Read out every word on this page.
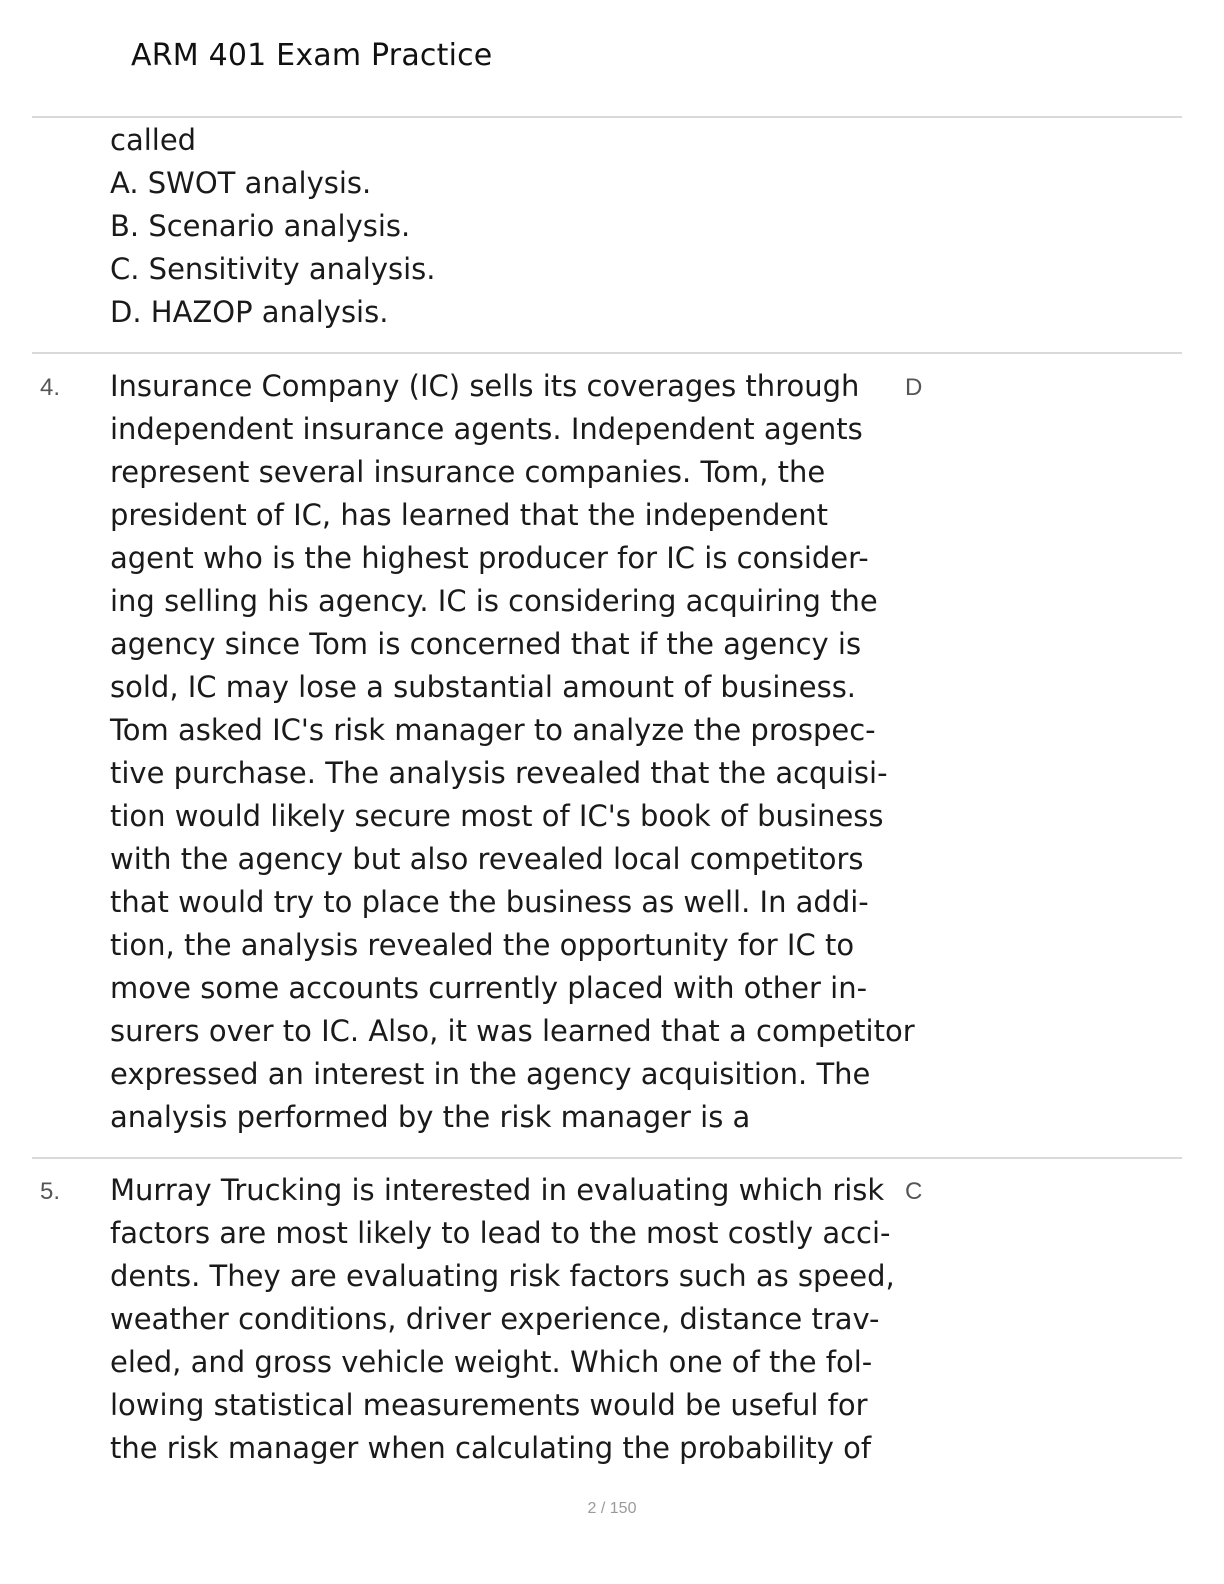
ARM 401 Exam Practice
called
A. SWOT analysis.
B. Scenario analysis.
C. Sensitivity analysis.
D. HAZOP analysis.
4. Insurance Company (IC) sells its coverages through
independent insurance agents. Independent agents
represent several insurance companies. Tom, the
president of IC, has learned that the independent
agent who is the highest producer for IC is consider-
ing selling his agency. IC is considering acquiring the
agency since Tom is concerned that if the agency is
sold, IC may lose a substantial amount of business.
Tom asked IC's risk manager to analyze the prospec-
tive purchase. The analysis revealed that the acquisi-
tion would likely secure most of IC's book of business
with the agency but also revealed local competitors
that would try to place the business as well. In addi-
tion, the analysis revealed the opportunity for IC to
move some accounts currently placed with other in-
surers over to IC. Also, it was learned that a competitor
expressed an interest in the agency acquisition. The
analysis performed by the risk manager is a
D
5. Murray Trucking is interested in evaluating which risk
factors are most likely to lead to the most costly acci-
dents. They are evaluating risk factors such as speed,
weather conditions, driver experience, distance trav-
eled, and gross vehicle weight. Which one of the fol-
lowing statistical measurements would be useful for
the risk manager when calculating the probability of
C
2 / 150
